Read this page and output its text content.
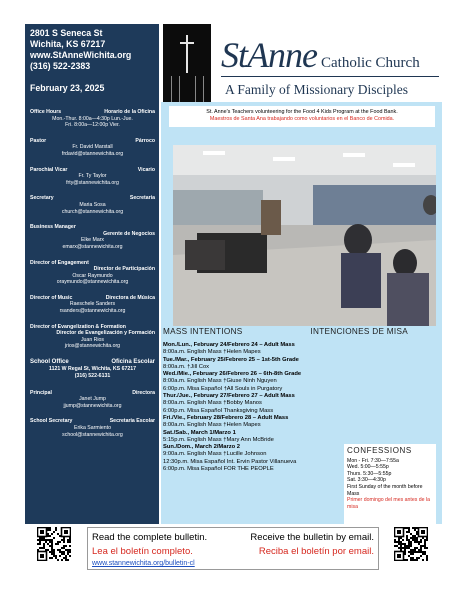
2801 S Seneca St
Wichita, KS 67217
www.StAnneWichita.org
(316) 522-2383
February 23, 2025
Office Hours	Horario de la Oficina
Mon.-Thur. 8:00a—4:30p Lun.-Jue.
Fri. 8:00a—12:00p Vier.
Pastor	Párroco
Fr. David Marstall
frdavid@stannewichita.org
Parochial Vicar	Vicario
Fr. Ty Taylor
frty@stannewichita.org
Secretary	Secretaria
Maria Sosa
church@stannewichita.org
Business Manager
Gerente de Negocios
Elke Marx
emarx@stannewichita.org
Director of Engagement
Director de Participación
Oscar Raymundo
oraymundo@stannewichita.org
Director of Music	Directora de Música
Raeschele Sanders
rsanders@stannewichita.org
Director of Evangelization & Formation
Director de Evangelización y Formación
Juan Rios
jrios@stannewichita.org
School Office	Oficina Escolar
1121 W Regal St, Wichita, KS 67217
(316) 522-6131
Principal	Directora
Janet Jump
jjump@stannewichita.org
School Secretary	Secretaria Escolar
Erika Sarmiento
school@stannewichita.org
StAnne Catholic Church
A Family of Missionary Disciples
St. Anne's Teachers volunteering for the Food 4 Kids Program at the Food Bank.
Maestros de Santa Ana trabajando como voluntarios en el Banco de Comida.
MASS INTENTIONS	INTENCIONES DE MISA
Mon./Lun., February 24/Febrero 24 – Adult Mass
8:00a.m. English Mass †Helen Mapes
Tue./Mar., February 25/Febrero 25 – 1st-5th Grade
8:00a.m. †Jill Cox
Wed./Mie., February 26/Febrero 26 – 6th-8th Grade
8:00a.m. English Mass †Giuse Ninh Nguyen
6:00p.m. Misa Español †All Souls in Purgatory
Thur./Jue., February 27/Febrero 27 – Adult Mass
8:00a.m. English Mass †Bobby Manos
6:00p.m. Misa Español Thanksgiving Mass
Fri./Vie., February 28/Febrero 28 – Adult Mass
8:00a.m. English Mass †Helen Mapes
Sat./Sab., March 1/Marzo 1
5:15p.m. English Mass †Mary Ann McBride
Sun./Dom., March 2/Marzo 2
9:00a.m. English Mass †Lucille Johnson
12:30p.m. Misa Español Int. Ervin Pastor Villanueva
6:00p.m. Misa Español FOR THE PEOPLE
CONFESSIONS
Mon - Fri. 7:30—7:55a
Wed. 5:00—5:55p
Thurs. 5:30—5:55p
Sat. 3:30—4:30p
First Sunday of the month before Mass
Primer domingo del mes antes de la misa
Read the complete bulletin.	Receive the bulletin by email.
Lea el boletín completo.	Reciba el boletín por email.
www.stannewichita.org/bulletin-cl
